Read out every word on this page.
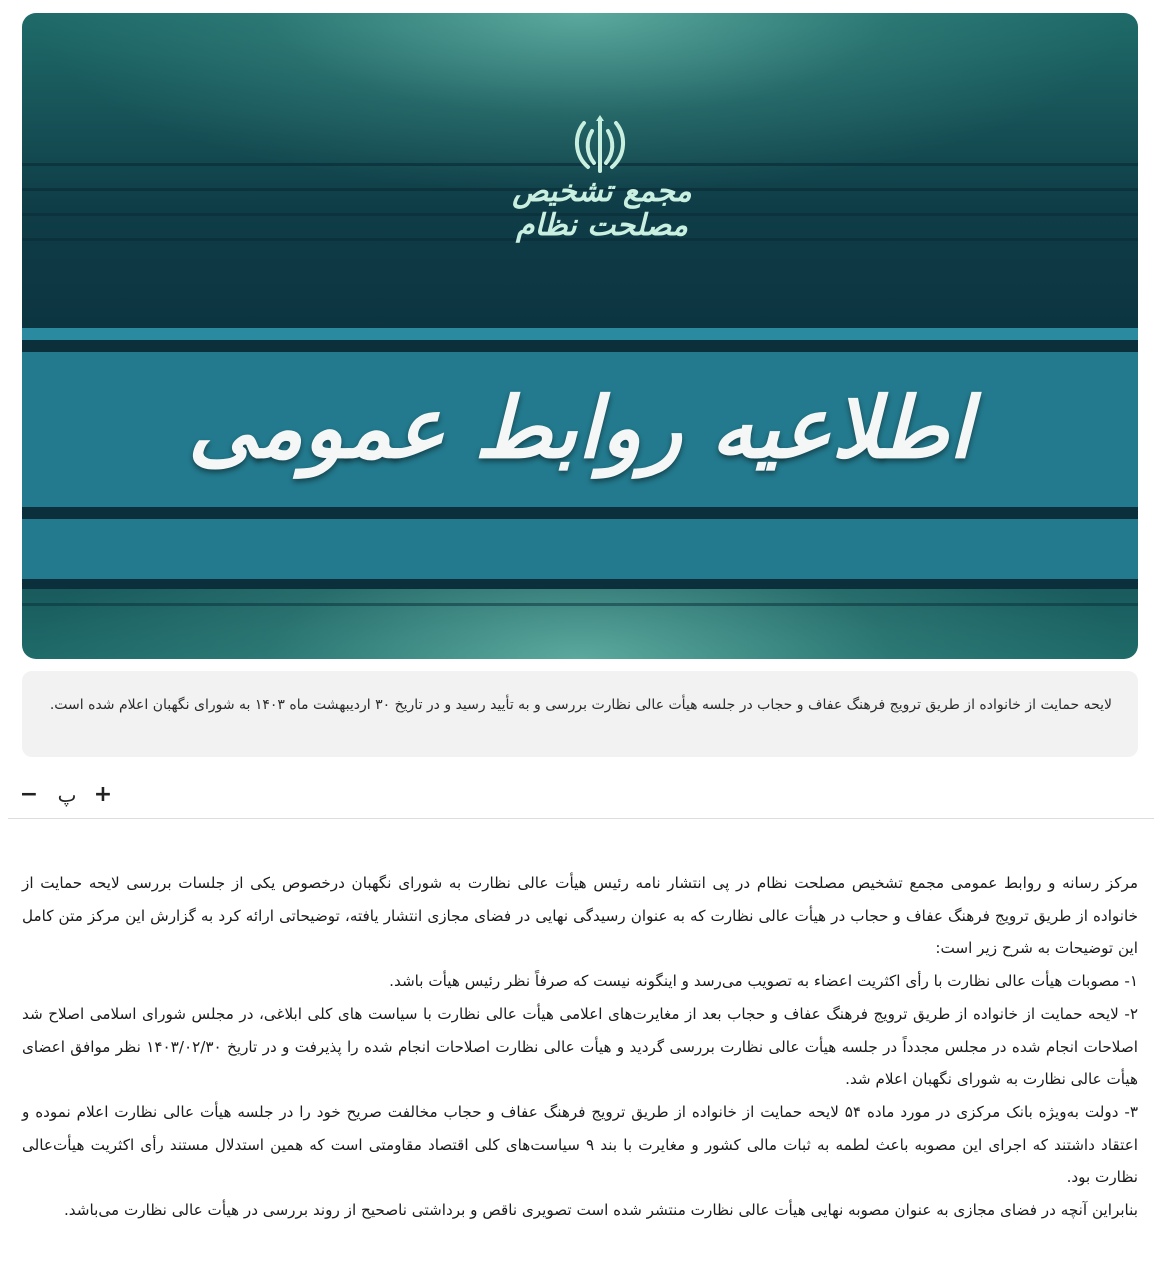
مجمع تشخیص مصلحت نظام
اطلاعیه روابط عمومی
لایحه حمایت از خانواده از طریق ترویج فرهنگ عفاف و حجاب در جلسه هیأت عالی نظارت بررسی و به تأیید رسید و در تاریخ ۳۰ اردیبهشت ماه ۱۴۰۳ به شورای نگهبان اعلام شده است.
− پ +

مرکز رسانه و روابط عمومی مجمع تشخیص مصلحت نظام در پی انتشار نامه رئیس هیأت عالی نظارت به شورای نگهبان درخصوص یکی از جلسات بررسی لایحه حمایت از خانواده از طریق ترویج فرهنگ عفاف و حجاب در هیأت عالی نظارت که به عنوان رسیدگی نهایی در فضای مجازی انتشار یافته، توضیحاتی ارائه کرد به گزارش این مرکز متن کامل این توضیحات به شرح زیر است:

۱- مصوبات هیأت عالی نظارت با رأی اکثریت اعضاء به تصویب می‌رسد و اینگونه نیست که صرفاً نظر رئیس هیأت باشد.

۲- لایحه حمایت از خانواده از طریق ترویج فرهنگ عفاف و حجاب بعد از مغایرت‌های اعلامی هیأت عالی نظارت با سیاست های کلی ابلاغی، در مجلس شورای اسلامی اصلاح شد اصلاحات انجام شده در مجلس مجدداً در جلسه هیأت عالی نظارت بررسی گردید و هیأت عالی نظارت اصلاحات انجام شده را پذیرفت و در تاریخ ۱۴۰۳/۰۲/۳۰ نظر موافق اعضای هیأت عالی نظارت به شورای نگهبان اعلام شد.

۳- دولت به‌ویژه بانک مرکزی در مورد ماده ۵۴ لایحه حمایت از خانواده از طریق ترویج فرهنگ عفاف و حجاب مخالفت صریح خود را در جلسه هیأت عالی نظارت اعلام نموده و اعتقاد داشتند که اجرای این مصوبه باعث لطمه به ثبات مالی کشور و مغایرت با بند ۹ سیاست‌های کلی اقتصاد مقاومتی است که همین استدلال مستند رأی اکثریت هیأت‌عالی نظارت بود.

بنابراین آنچه در فضای مجازی به عنوان مصوبه نهایی هیأت عالی نظارت منتشر شده است تصویری ناقص و برداشتی ناصحیح از روند بررسی در هیأت عالی نظارت می‌باشد.
